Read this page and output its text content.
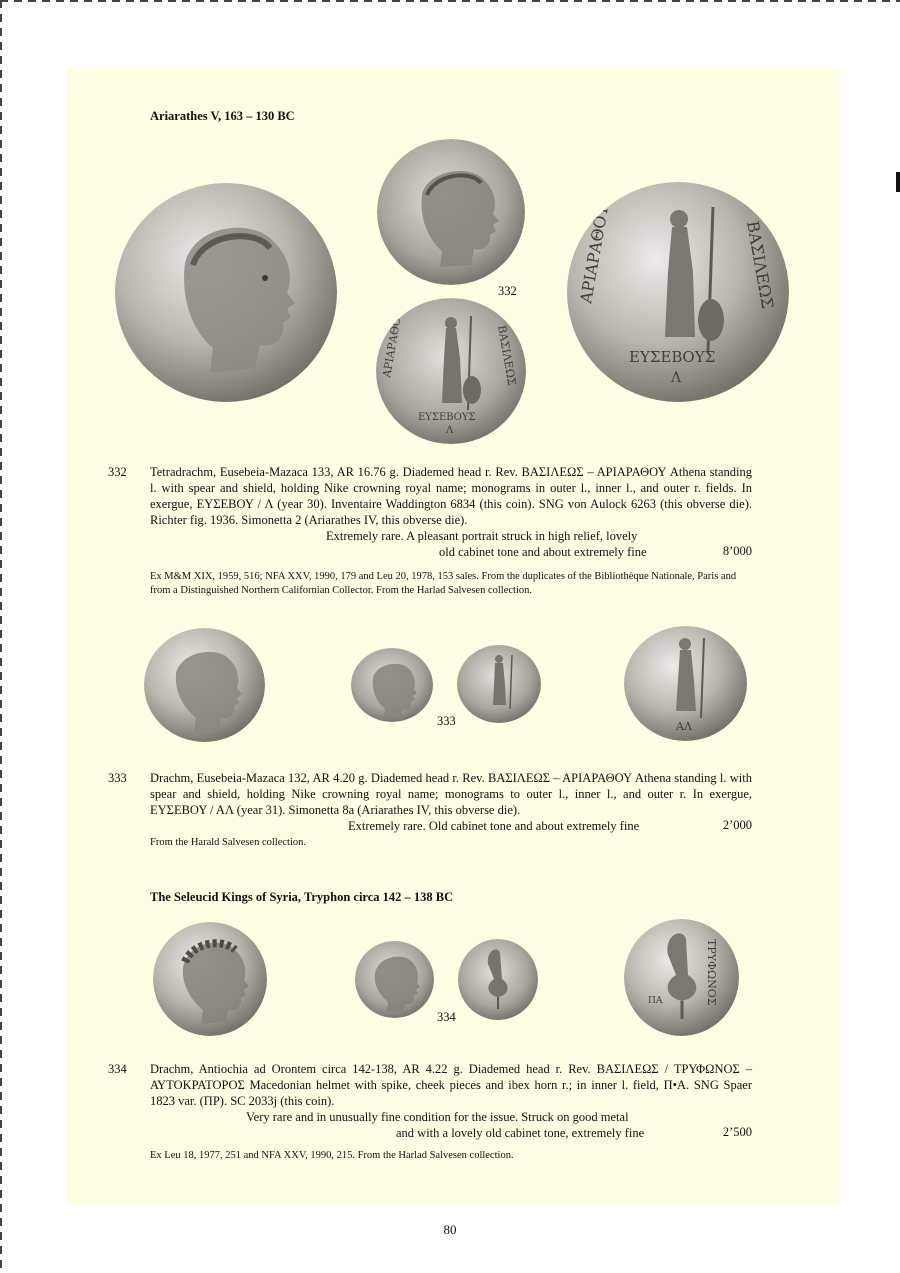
Ariarathes V, 163 – 130 BC
332
ΑΡΙΑΡΑΘΟΥ	ΒΑΣΙΛΕΩΣ
ΕΥΣΕΒΟΥΣ
Λ
ΑΡΙΑΡΑΘΟΥ	ΒΑΣΙΛΕΩΣ
ΕΥΣΕΒΟΥΣ
Λ
332 Tetradrachm, Eusebeia-Mazaca 133, AR 16.76 g. Diademed head r. Rev. ΒΑΣΙΛΕΩΣ – ΑΡΙΑΡΑΘΟΥ Athena standing l. with spear and shield, holding Nike crowning royal name; monograms in outer l., inner l., and outer r. fields. In exergue, ΕΥΣΕΒΟΥ / Λ (year 30). Inventaire Waddington 6834 (this coin). SNG von Aulock 6263 (this obverse die). Richter fig. 1936. Simonetta 2 (Ariarathes IV, this obverse die).

Extremely rare. A pleasant portrait struck in high relief, lovely
old cabinet tone and about extremely fine	8’000
Ex M&M XIX, 1959, 516; NFA XXV, 1990, 179 and Leu 20, 1978, 153 sales. From the duplicates of the Bibliothèque Nationale, Paris and from a Distinguished Northern Californian Collector. From the Harlad Salvesen collection.
333	ΑΛ
333 Drachm, Eusebeia-Mazaca 132, AR 4.20 g. Diademed head r. Rev. ΒΑΣΙΛΕΩΣ – ΑΡΙΑΡΑΘΟΥ Athena standing l. with spear and shield, holding Nike crowning royal name; monograms to outer l., inner l., and outer r. In exergue, ΕΥΣΕΒΟΥ / ΑΛ (year 31). Simonetta 8a (Ariarathes IV, this obverse die).

Extremely rare. Old cabinet tone and about extremely fine	2’000
From the Harald Salvesen collection.
The Seleucid Kings of Syria, Tryphon circa 142 – 138 BC
334
ΤΡΥΦΩΝΟΣ
ΠΑ
334 Drachm, Antiochia ad Orontem circa 142-138, AR 4.22 g. Diademed head r. Rev. ΒΑΣΙΛΕΩΣ / ΤΡΥΦΩΝΟΣ – ΑΥΤΟΚΡΑΤΟΡΟΣ Macedonian helmet with spike, cheek pieces and ibex horn r.; in inner l. field, Π•Α. SNG Spaer 1823 var. (ΠΡ). SC 2033j (this coin).

Very rare and in unusually fine condition for the issue. Struck on good metal
and with a lovely old cabinet tone, extremely fine	2’500
Ex Leu 18, 1977, 251 and NFA XXV, 1990, 215. From the Harlad Salvesen collection.
80
